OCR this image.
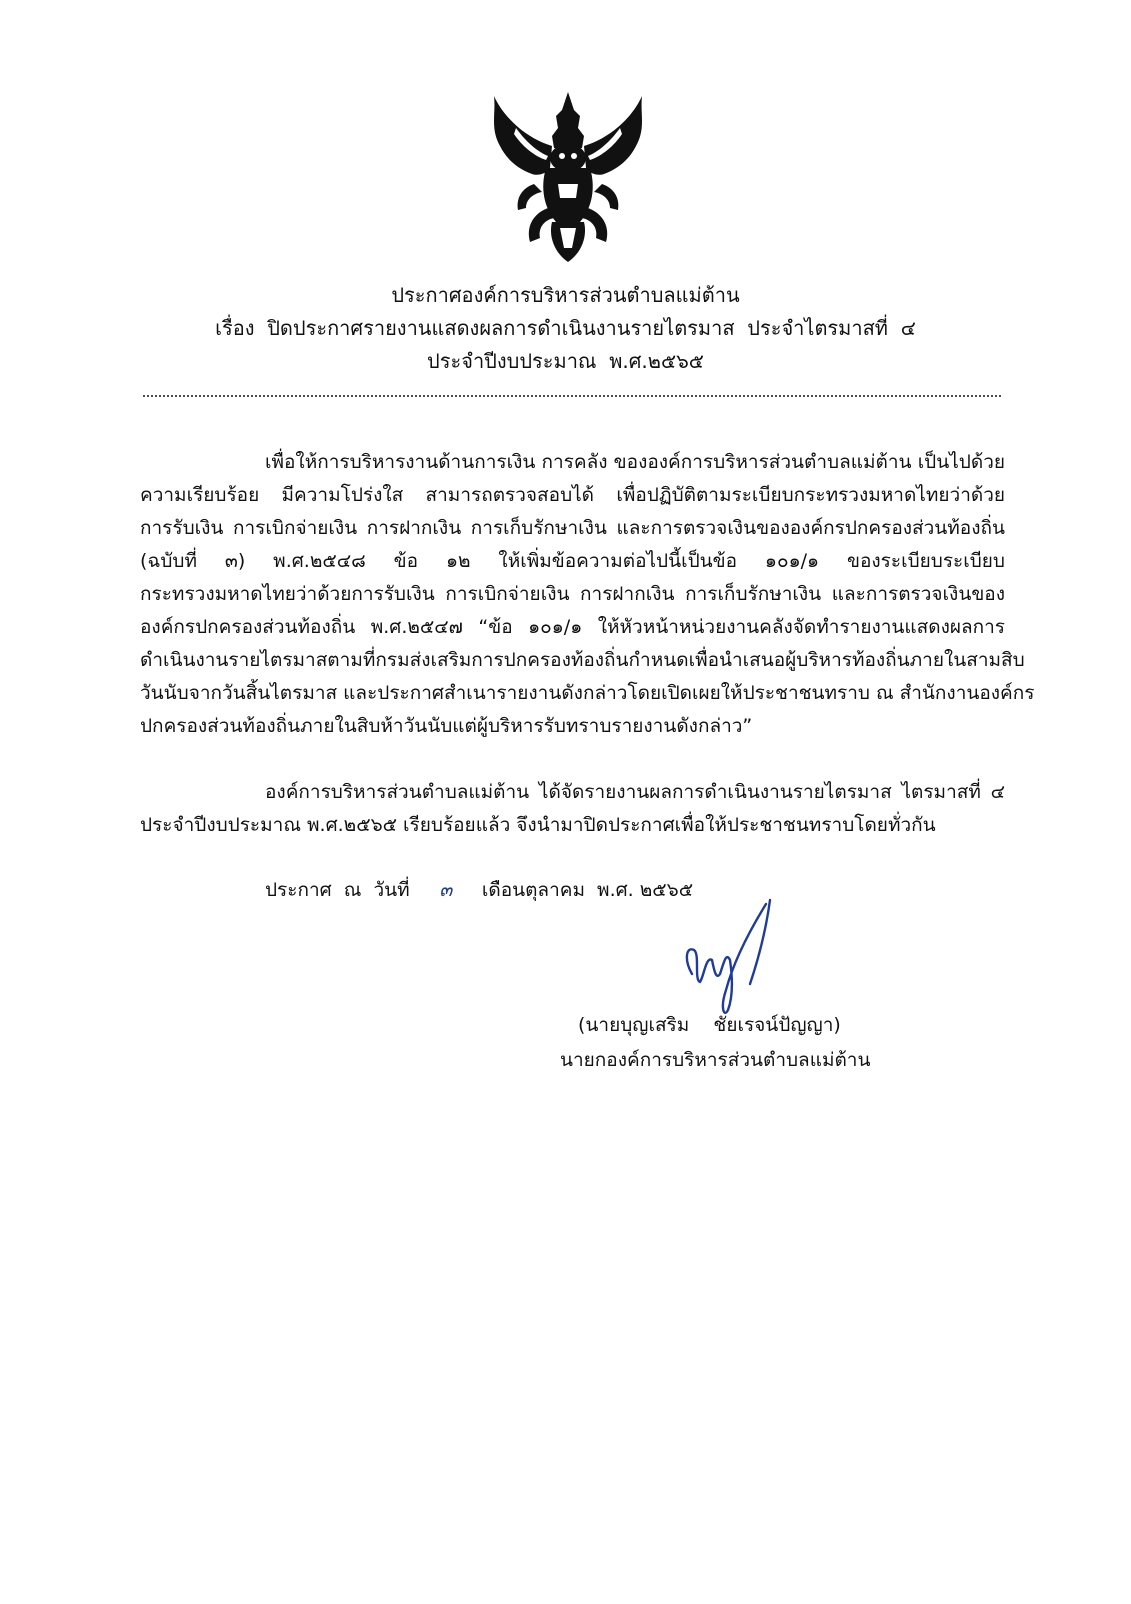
ประกาศองค์การบริหารส่วนตำบลแม่ต้าน
เรื่อง  ปิดประกาศรายงานแสดงผลการดำเนินงานรายไตรมาส  ประจำไตรมาสที่  ๔
ประจำปีงบประมาณ  พ.ศ.๒๕๖๕
เพื่อให้การบริหารงานด้านการเงิน การคลัง ขององค์การบริหารส่วนตำบลแม่ต้าน เป็นไปด้วย
ความเรียบร้อย มีความโปร่งใส สามารถตรวจสอบได้ เพื่อปฏิบัติตามระเบียบกระทรวงมหาดไทยว่าด้วย
การรับเงิน การเบิกจ่ายเงิน การฝากเงิน การเก็บรักษาเงิน และการตรวจเงินขององค์กรปกครองส่วนท้องถิ่น
(ฉบับที่ ๓) พ.ศ.๒๕๔๘ ข้อ ๑๒ ให้เพิ่มข้อความต่อไปนี้เป็นข้อ ๑๐๑/๑ ของระเบียบระเบียบ
กระทรวงมหาดไทยว่าด้วยการรับเงิน การเบิกจ่ายเงิน การฝากเงิน การเก็บรักษาเงิน และการตรวจเงินของ
องค์กรปกครองส่วนท้องถิ่น พ.ศ.๒๕๔๗ “ข้อ ๑๐๑/๑ ให้หัวหน้าหน่วยงานคลังจัดทำรายงานแสดงผลการ
ดำเนินงานรายไตรมาสตามที่กรมส่งเสริมการปกครองท้องถิ่นกำหนดเพื่อนำเสนอผู้บริหารท้องถิ่นภายในสามสิบ
วันนับจากวันสิ้นไตรมาส และประกาศสำเนารายงานดังกล่าวโดยเปิดเผยให้ประชาชนทราบ ณ สำนักงานองค์กร
ปกครองส่วนท้องถิ่นภายในสิบห้าวันนับแต่ผู้บริหารรับทราบรายงานดังกล่าว”
องค์การบริหารส่วนตำบลแม่ต้าน ได้จัดรายงานผลการดำเนินงานรายไตรมาส ไตรมาสที่ ๔
ประจำปีงบประมาณ พ.ศ.๒๕๖๕ เรียบร้อยแล้ว จึงนำมาปิดประกาศเพื่อให้ประชาชนทราบโดยทั่วกัน
ประกาศ  ณ  วันที่ ๓ เดือนตุลาคม  พ.ศ. ๒๕๖๕
(นายบุญเสริม    ชัยเรจน์ปัญญา)
นายกองค์การบริหารส่วนตำบลแม่ต้าน
